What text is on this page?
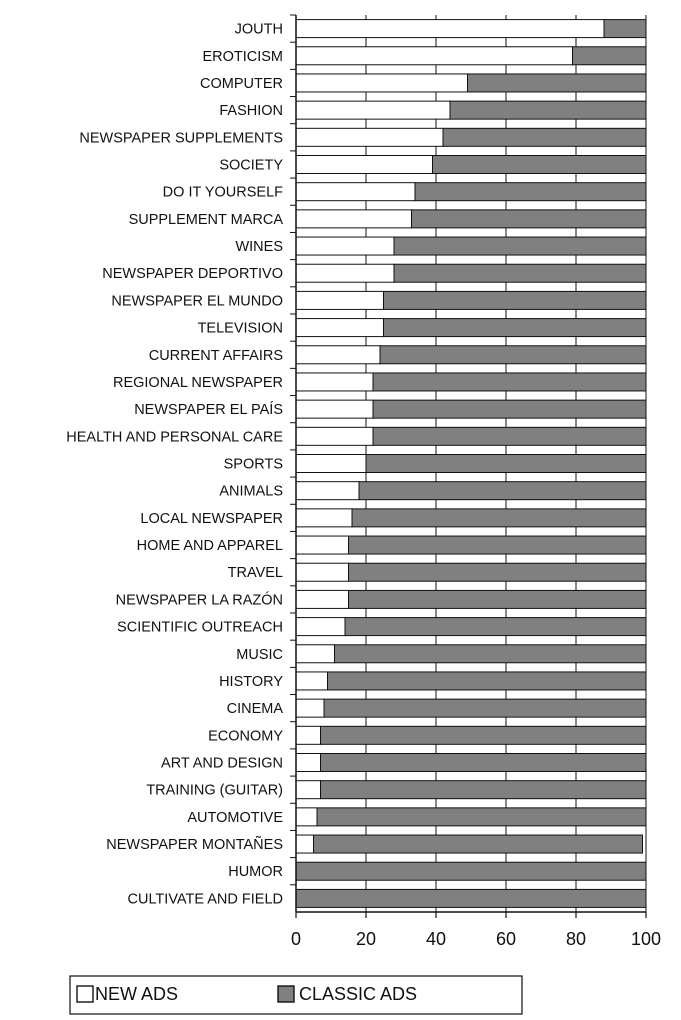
JOUTH
EROTICISM
COMPUTER
FASHION
NEWSPAPER SUPPLEMENTS
SOCIETY
DO IT YOURSELF
SUPPLEMENT MARCA
WINES
NEWSPAPER DEPORTIVO
NEWSPAPER EL MUNDO
TELEVISION
CURRENT AFFAIRS
REGIONAL NEWSPAPER
NEWSPAPER EL PAÍS
HEALTH AND PERSONAL CARE
SPORTS
ANIMALS
LOCAL NEWSPAPER
HOME AND APPAREL
TRAVEL
NEWSPAPER LA RAZÓN
SCIENTIFIC OUTREACH
MUSIC
HISTORY
CINEMA
ECONOMY
ART AND DESIGN
TRAINING (GUITAR)
AUTOMOTIVE
NEWSPAPER MONTAÑES
HUMOR
CULTIVATE AND FIELD
0	20	40	60	80 100
NEW ADS	CLASSIC ADS
